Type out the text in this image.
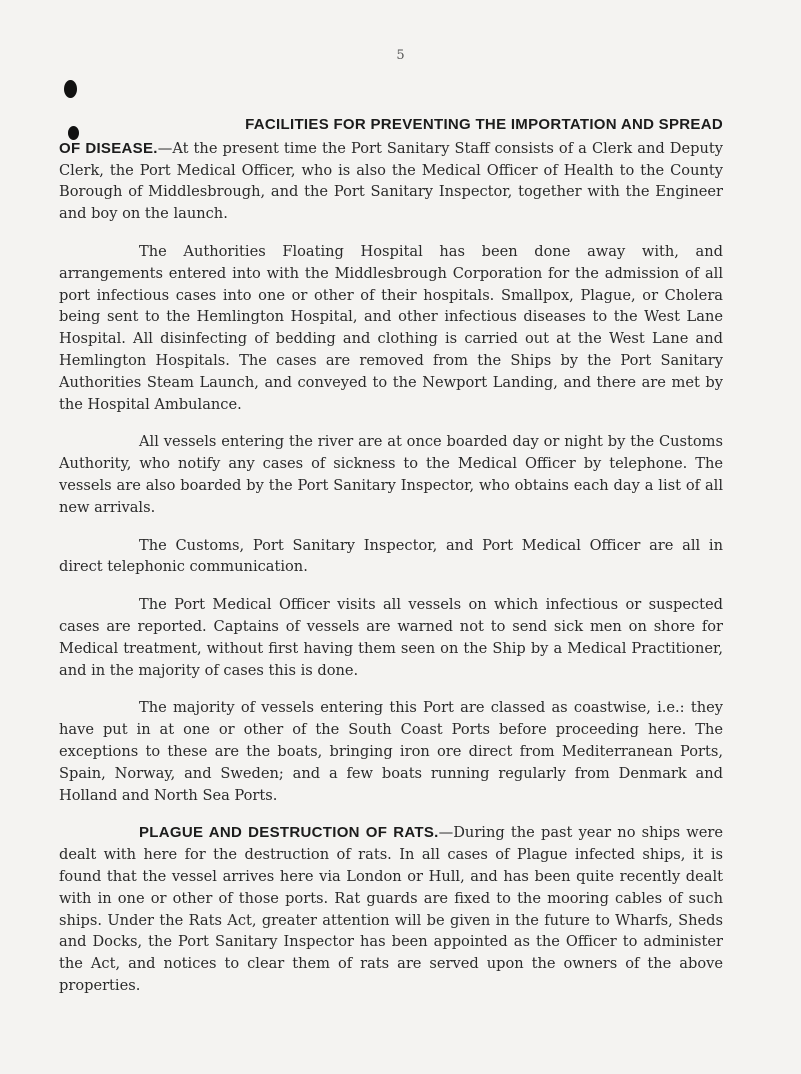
5

FACILITIES FOR PREVENTING THE IMPORTATION AND SPREAD
OF DISEASE.—At the present time the Port Sanitary Staff consists of a Clerk and Deputy Clerk, the Port Medical Officer, who is also the Medical Officer of Health to the County Borough of Middlesbrough, and the Port Sanitary Inspector, together with the Engineer and boy on the launch.

The Authorities Floating Hospital has been done away with, and arrangements entered into with the Middlesbrough Corporation for the admission of all port infectious cases into one or other of their hospitals. Smallpox, Plague, or Cholera being sent to the Hemlington Hospital, and other infectious diseases to the West Lane Hospital. All disinfecting of bedding and clothing is carried out at the West Lane and Hemlington Hospitals. The cases are removed from the Ships by the Port Sanitary Authorities Steam Launch, and conveyed to the Newport Landing, and there are met by the Hospital Ambulance.

All vessels entering the river are at once boarded day or night by the Customs Authority, who notify any cases of sickness to the Medical Officer by telephone. The vessels are also boarded by the Port Sanitary Inspector, who obtains each day a list of all new arrivals.

The Customs, Port Sanitary Inspector, and Port Medical Officer are all in direct telephonic communication.

The Port Medical Officer visits all vessels on which infectious or suspected cases are reported. Captains of vessels are warned not to send sick men on shore for Medical treatment, without first having them seen on the Ship by a Medical Practitioner, and in the majority of cases this is done.

The majority of vessels entering this Port are classed as coastwise, i.e.: they have put in at one or other of the South Coast Ports before proceeding here. The exceptions to these are the boats, bringing iron ore direct from Mediterranean Ports, Spain, Norway, and Sweden; and a few boats running regularly from Denmark and Holland and North Sea Ports.

PLAGUE AND DESTRUCTION OF RATS.—During the past year no ships were dealt with here for the destruction of rats. In all cases of Plague infected ships, it is found that the vessel arrives here via London or Hull, and has been quite recently dealt with in one or other of those ports. Rat guards are fixed to the mooring cables of such ships. Under the Rats Act, greater attention will be given in the future to Wharfs, Sheds and Docks, the Port Sanitary Inspector has been appointed as the Officer to administer the Act, and notices to clear them of rats are served upon the owners of the above properties.
